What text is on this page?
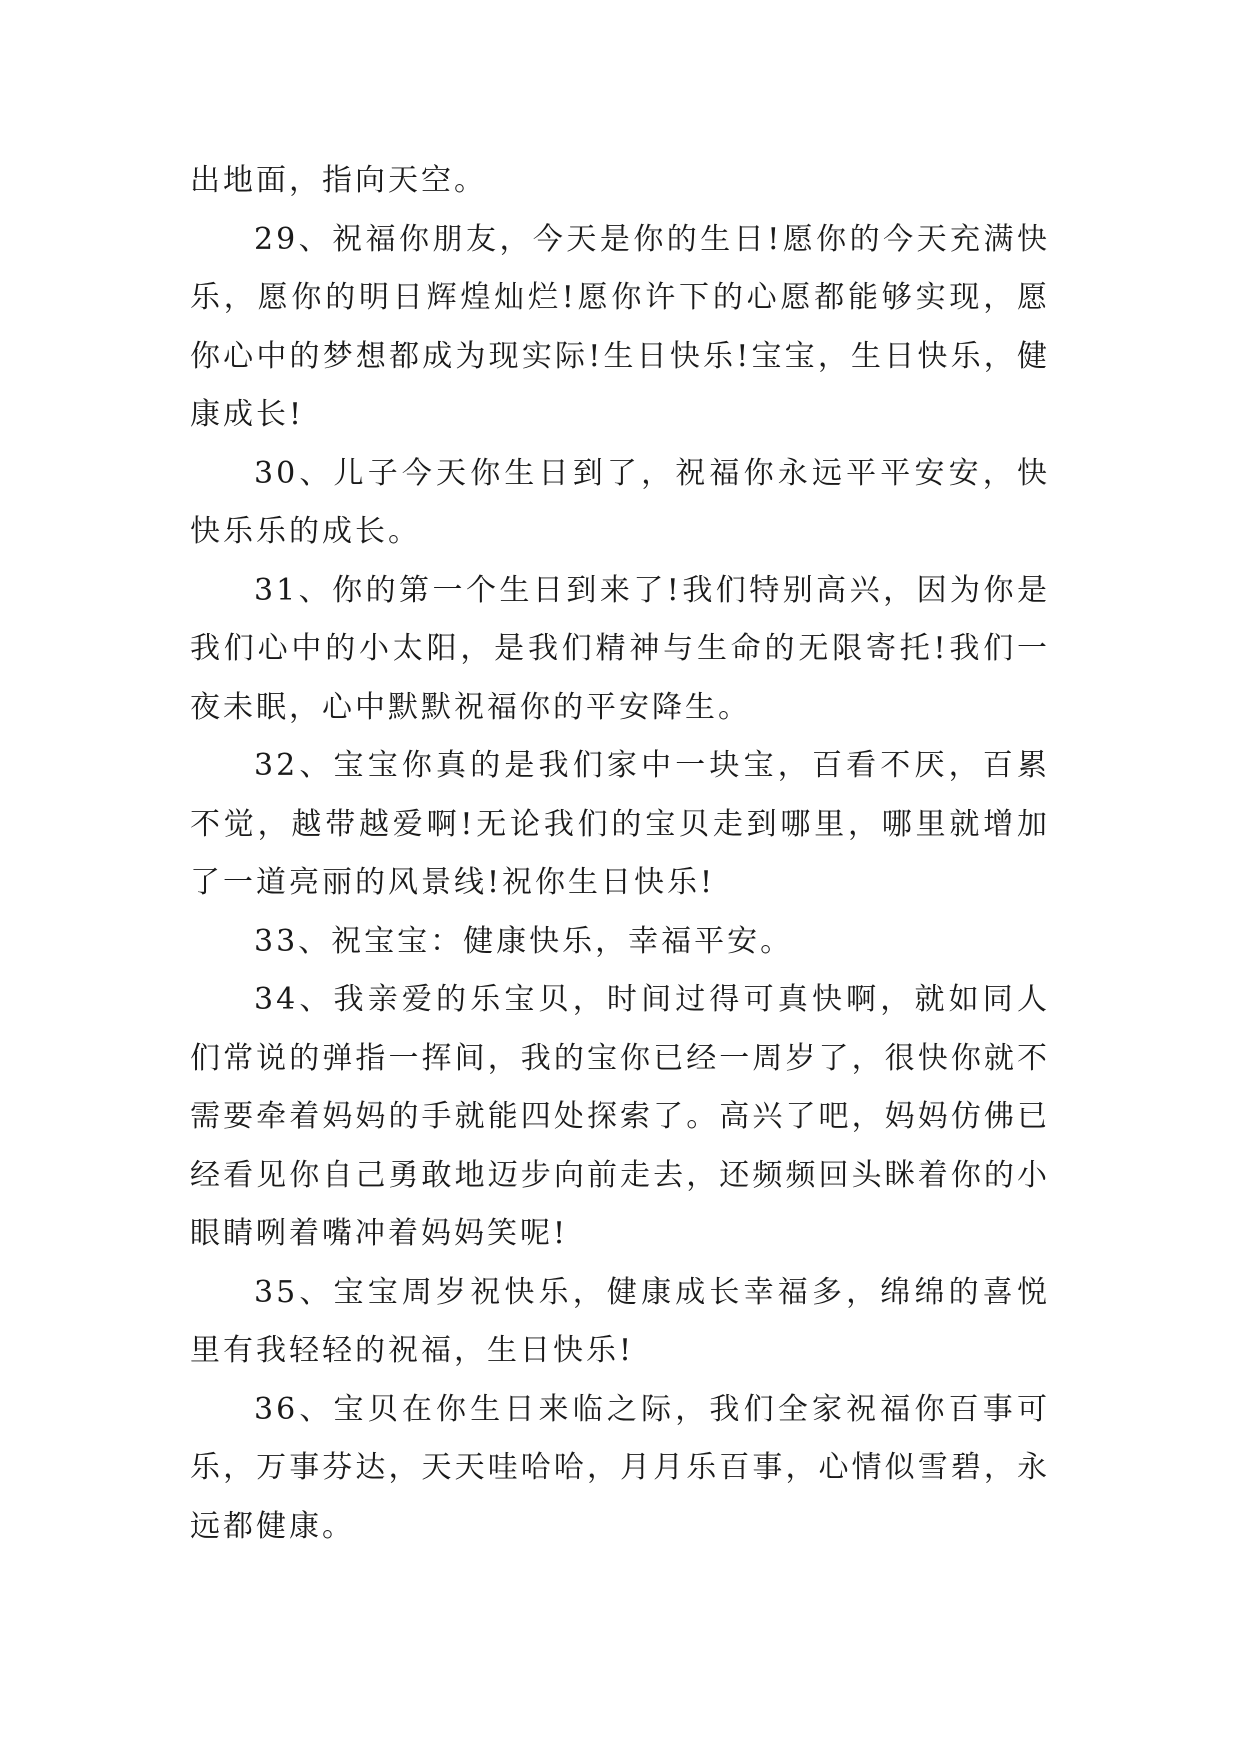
出地面，指向天空。

29、祝福你朋友，今天是你的生日!愿你的今天充满快乐，愿你的明日辉煌灿烂!愿你许下的心愿都能够实现，愿你心中的梦想都成为现实际!生日快乐!宝宝，生日快乐，健康成长!

30、儿子今天你生日到了，祝福你永远平平安安，快快乐乐的成长。

31、你的第一个生日到来了!我们特别高兴，因为你是我们心中的小太阳，是我们精神与生命的无限寄托!我们一夜未眠，心中默默祝福你的平安降生。

32、宝宝你真的是我们家中一块宝，百看不厌，百累不觉，越带越爱啊!无论我们的宝贝走到哪里，哪里就增加了一道亮丽的风景线!祝你生日快乐!

33、祝宝宝：健康快乐，幸福平安。

34、我亲爱的乐宝贝，时间过得可真快啊，就如同人们常说的弹指一挥间，我的宝你已经一周岁了，很快你就不需要牵着妈妈的手就能四处探索了。高兴了吧，妈妈仿佛已经看见你自己勇敢地迈步向前走去，还频频回头眯着你的小眼睛咧着嘴冲着妈妈笑呢!

35、宝宝周岁祝快乐，健康成长幸福多，绵绵的喜悦里有我轻轻的祝福，生日快乐!

36、宝贝在你生日来临之际，我们全家祝福你百事可乐，万事芬达，天天哇哈哈，月月乐百事，心情似雪碧，永远都健康。
